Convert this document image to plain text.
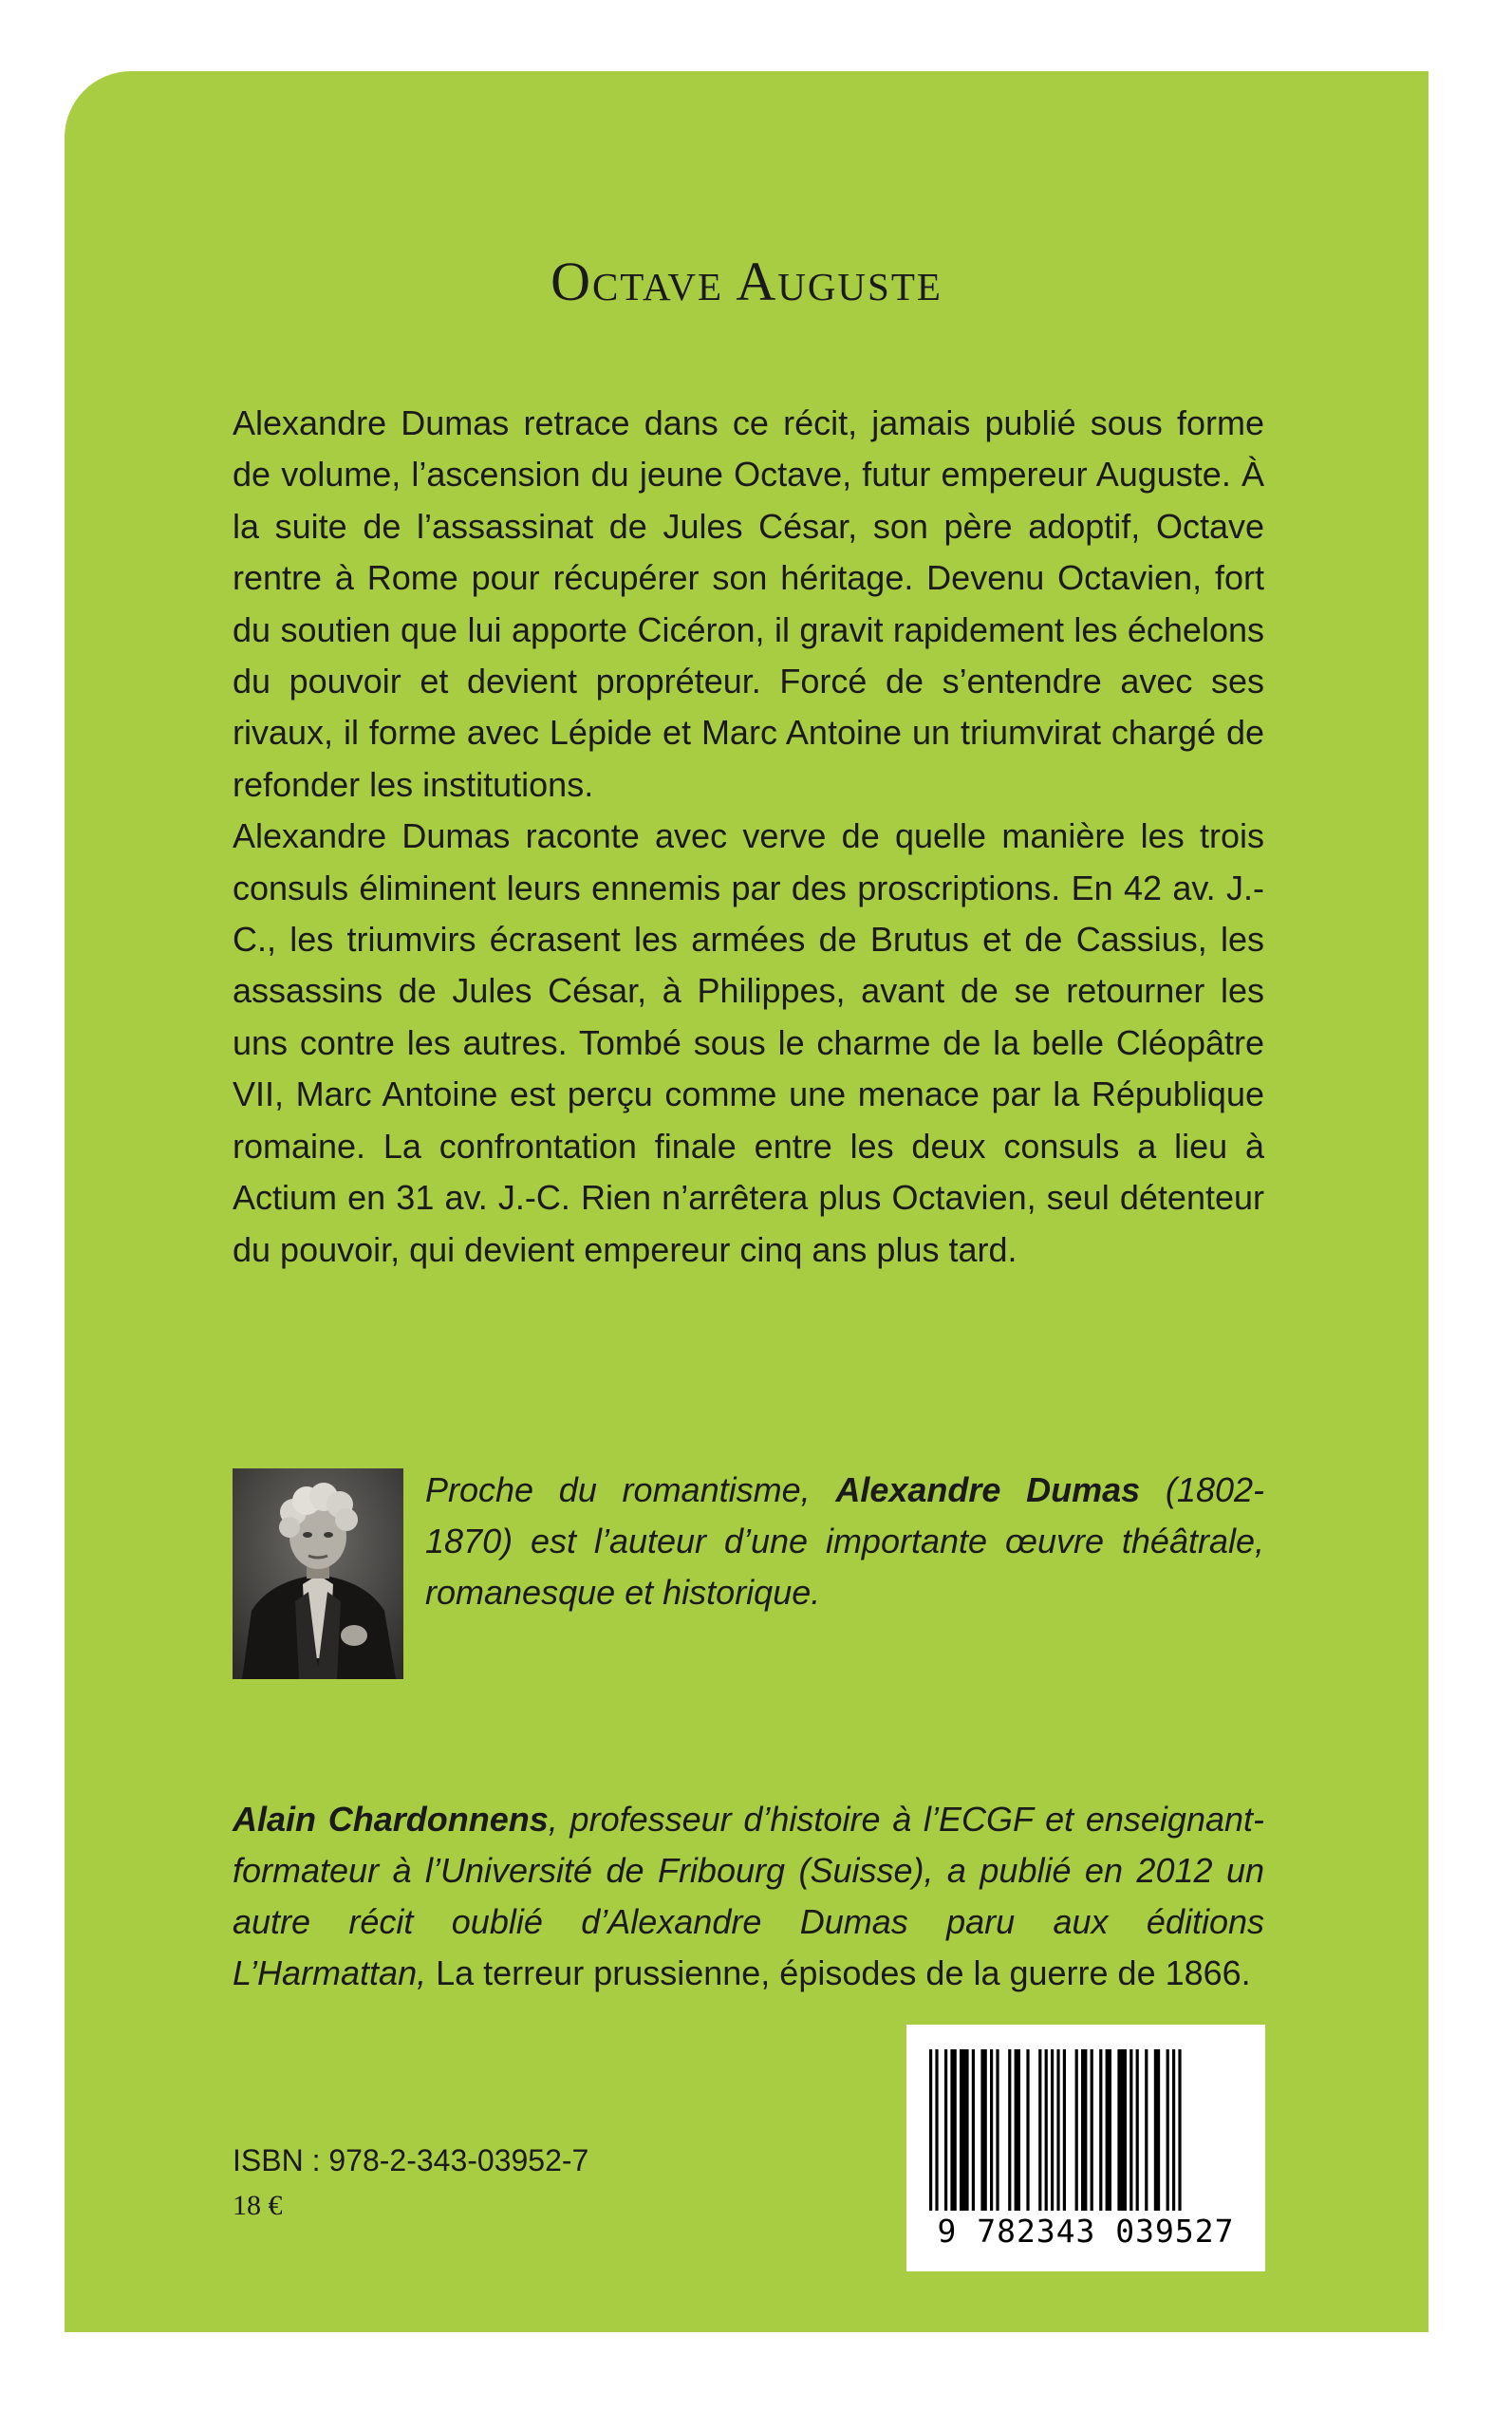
Octave Auguste

Alexandre Dumas retrace dans ce récit, jamais publié sous forme de volume, l’ascension du jeune Octave, futur empereur Auguste. À la suite de l’assassinat de Jules César, son père adoptif, Octave rentre à Rome pour récupérer son héritage. Devenu Octavien, fort du soutien que lui apporte Cicéron, il gravit rapidement les échelons du pouvoir et devient propréteur. Forcé de s’entendre avec ses rivaux, il forme avec Lépide et Marc Antoine un triumvirat chargé de refonder les institutions.

Alexandre Dumas raconte avec verve de quelle manière les trois consuls éliminent leurs ennemis par des proscriptions. En 42 av. J.-C., les triumvirs écrasent les armées de Brutus et de Cassius, les assassins de Jules César, à Philippes, avant de se retourner les uns contre les autres. Tombé sous le charme de la belle Cléopâtre VII, Marc Antoine est perçu comme une menace par la République romaine. La confrontation finale entre les deux consuls a lieu à Actium en 31 av. J.-C. Rien n’arrêtera plus Octavien, seul détenteur du pouvoir, qui devient empereur cinq ans plus tard.

Proche du romantisme, Alexandre Dumas (1802-1870) est l’auteur d’une importante œuvre théâtrale, romanesque et historique.
Alain Chardonnens, professeur d’histoire à l’ECGF et enseignant-formateur à l’Université de Fribourg (Suisse), a publié en 2012 un autre récit oublié d’Alexandre Dumas paru aux éditions L’Harmattan, La terreur prussienne, épisodes de la guerre de 1866.
ISBN : 978-2-343-03952-7
18 €
9 782343 039527
